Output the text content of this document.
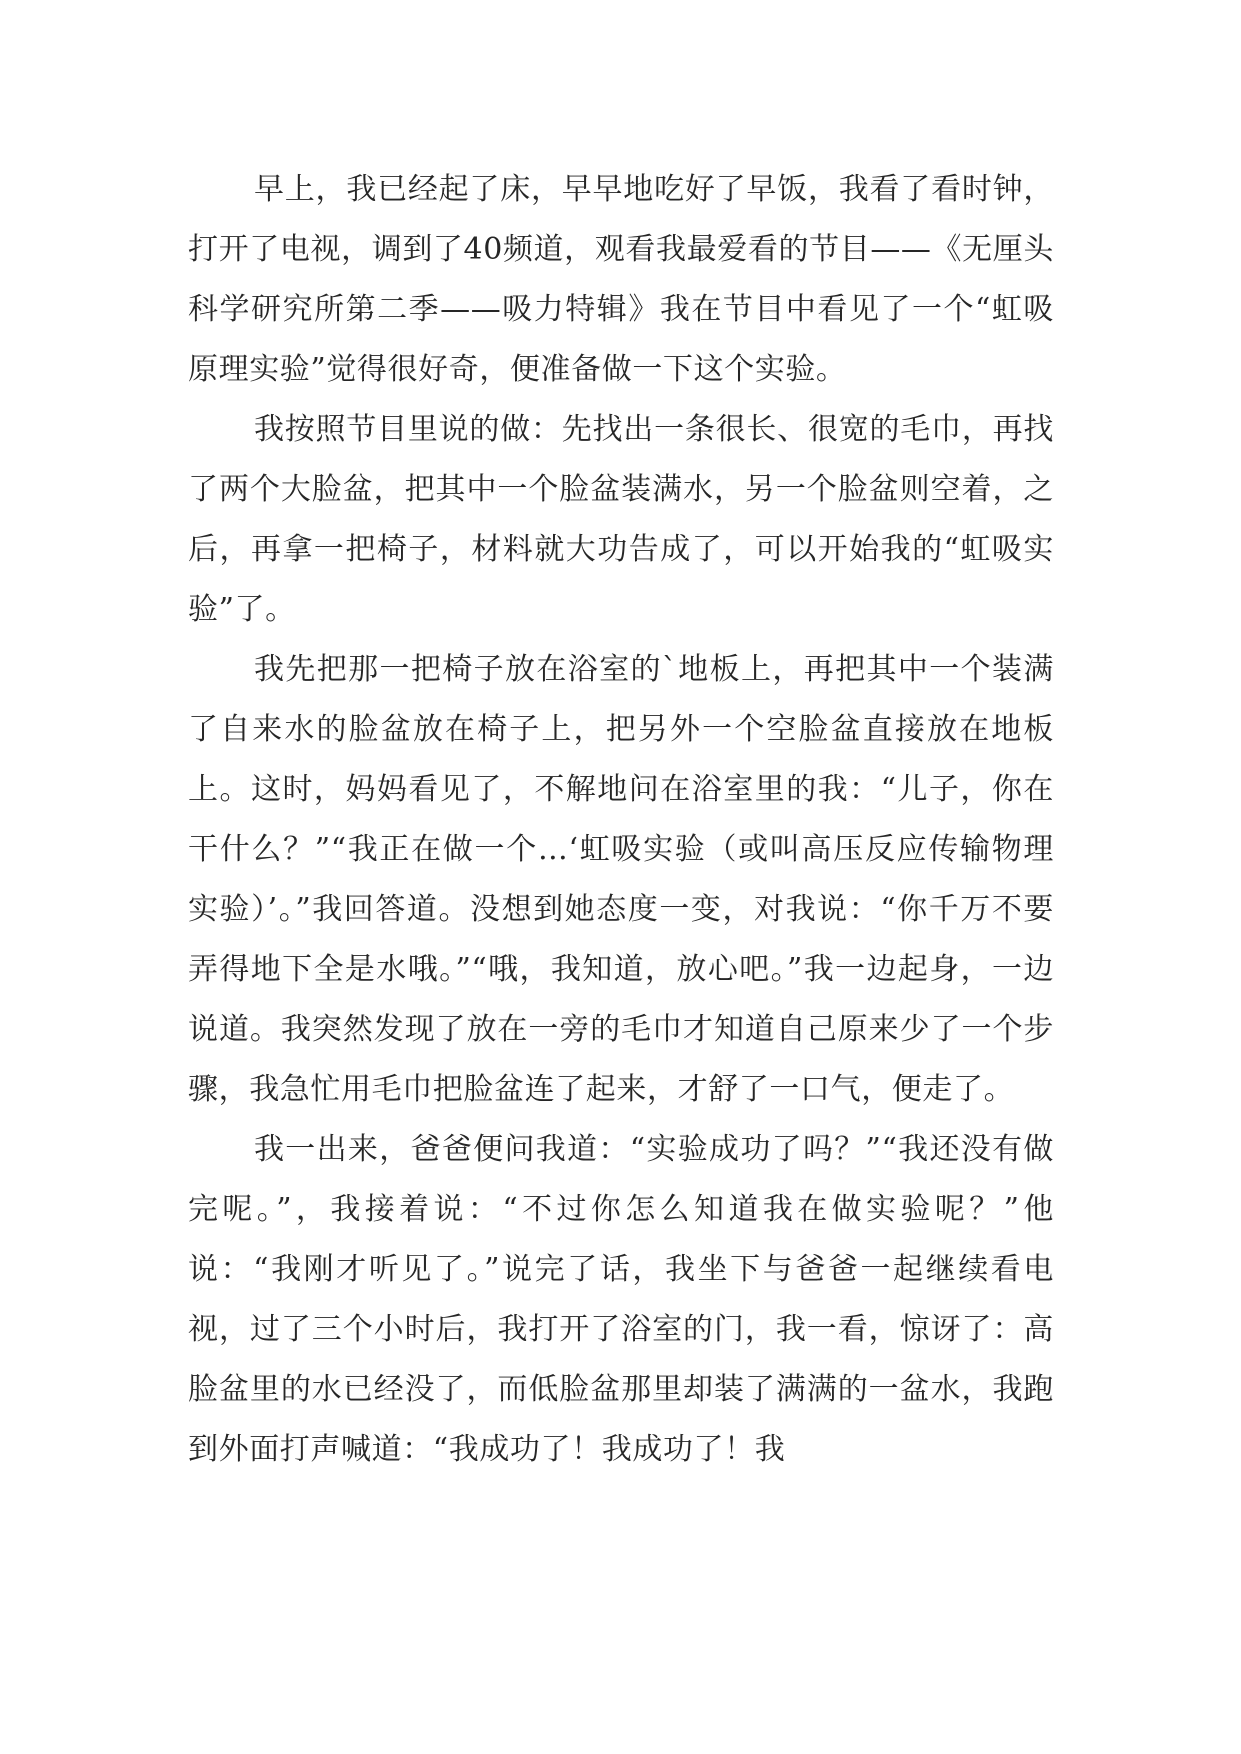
早上，我已经起了床，早早地吃好了早饭，我看了看时钟，打开了电视，调到了40频道，观看我最爱看的节目——《无厘头科学研究所第二季——吸力特辑》我在节目中看见了一个“虹吸原理实验”觉得很好奇，便准备做一下这个实验。

我按照节目里说的做：先找出一条很长、很宽的毛巾，再找了两个大脸盆，把其中一个脸盆装满水，另一个脸盆则空着，之后，再拿一把椅子，材料就大功告成了，可以开始我的“虹吸实验”了。

我先把那一把椅子放在浴室的`地板上，再把其中一个装满了自来水的脸盆放在椅子上，把另外一个空脸盆直接放在地板上。这时，妈妈看见了，不解地问在浴室里的我：“儿子，你在干什么？”“我正在做一个…‘虹吸实验（或叫高压反应传输物理实验）’。”我回答道。没想到她态度一变，对我说：“你千万不要弄得地下全是水哦。”“哦，我知道，放心吧。”我一边起身，一边说道。我突然发现了放在一旁的毛巾才知道自己原来少了一个步骤，我急忙用毛巾把脸盆连了起来，才舒了一口气，便走了。

我一出来，爸爸便问我道：“实验成功了吗？”“我还没有做完呢。”，我接着说：“不过你怎么知道我在做实验呢？”他说：“我刚才听见了。”说完了话，我坐下与爸爸一起继续看电视，过了三个小时后，我打开了浴室的门，我一看，惊讶了：高脸盆里的水已经没了，而低脸盆那里却装了满满的一盆水，我跑到外面打声喊道：“我成功了！我成功了！我
